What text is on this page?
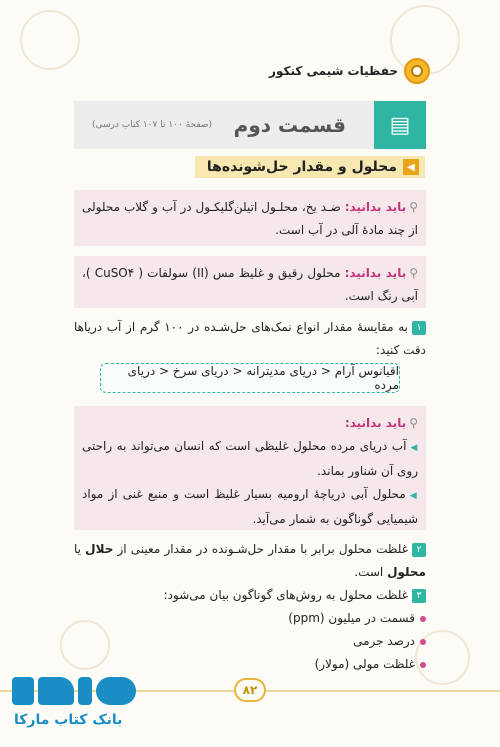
حفظیات شیمی کنکور
▤
قسمت دوم
(صفحهٔ ۱۰۰ تا ۱۰۷ کتاب درسی)
◀
محلول و مقدار حل‌شونده‌ها
⚲باید بدانید: ضـد یخ، محلـول اتیلن‌گلیکـول در آب و گلاب محلولی از چند مادهٔ آلی در آب است.
⚲باید بدانید: محلول رقیق و غلیظ مس (II) سولفات ( CuSO۴ )، آبی رنگ است.
۱به مقایسهٔ مقدار انواع نمک‌های حل‌شـده در ۱۰۰ گرم از آب دریاها دقت کنید:
اقیانوس آرام < دریای مدیترانه < دریای سرخ < دریای مرده
⚲باید بدانید:
◀آب دریای مرده محلول غلیظی است که انسان می‌تواند به راحتی روی آن شناور بماند.
◀محلول آبی دریاچهٔ ارومیه بسیار غلیظ است و منبع غنی از مواد شیمیایی گوناگون به شمار می‌آید.
۲غلظت محلول برابر با مقدار حل‌شـونده در مقدار معینی از حلال یا محلول است.
۳غلظت محلول به روش‌های گوناگون بیان می‌شود:
قسمت در میلیون (ppm)
درصد جرمی
غلظت مولی (مولار)
۸۲
بانک کتاب مارکا
